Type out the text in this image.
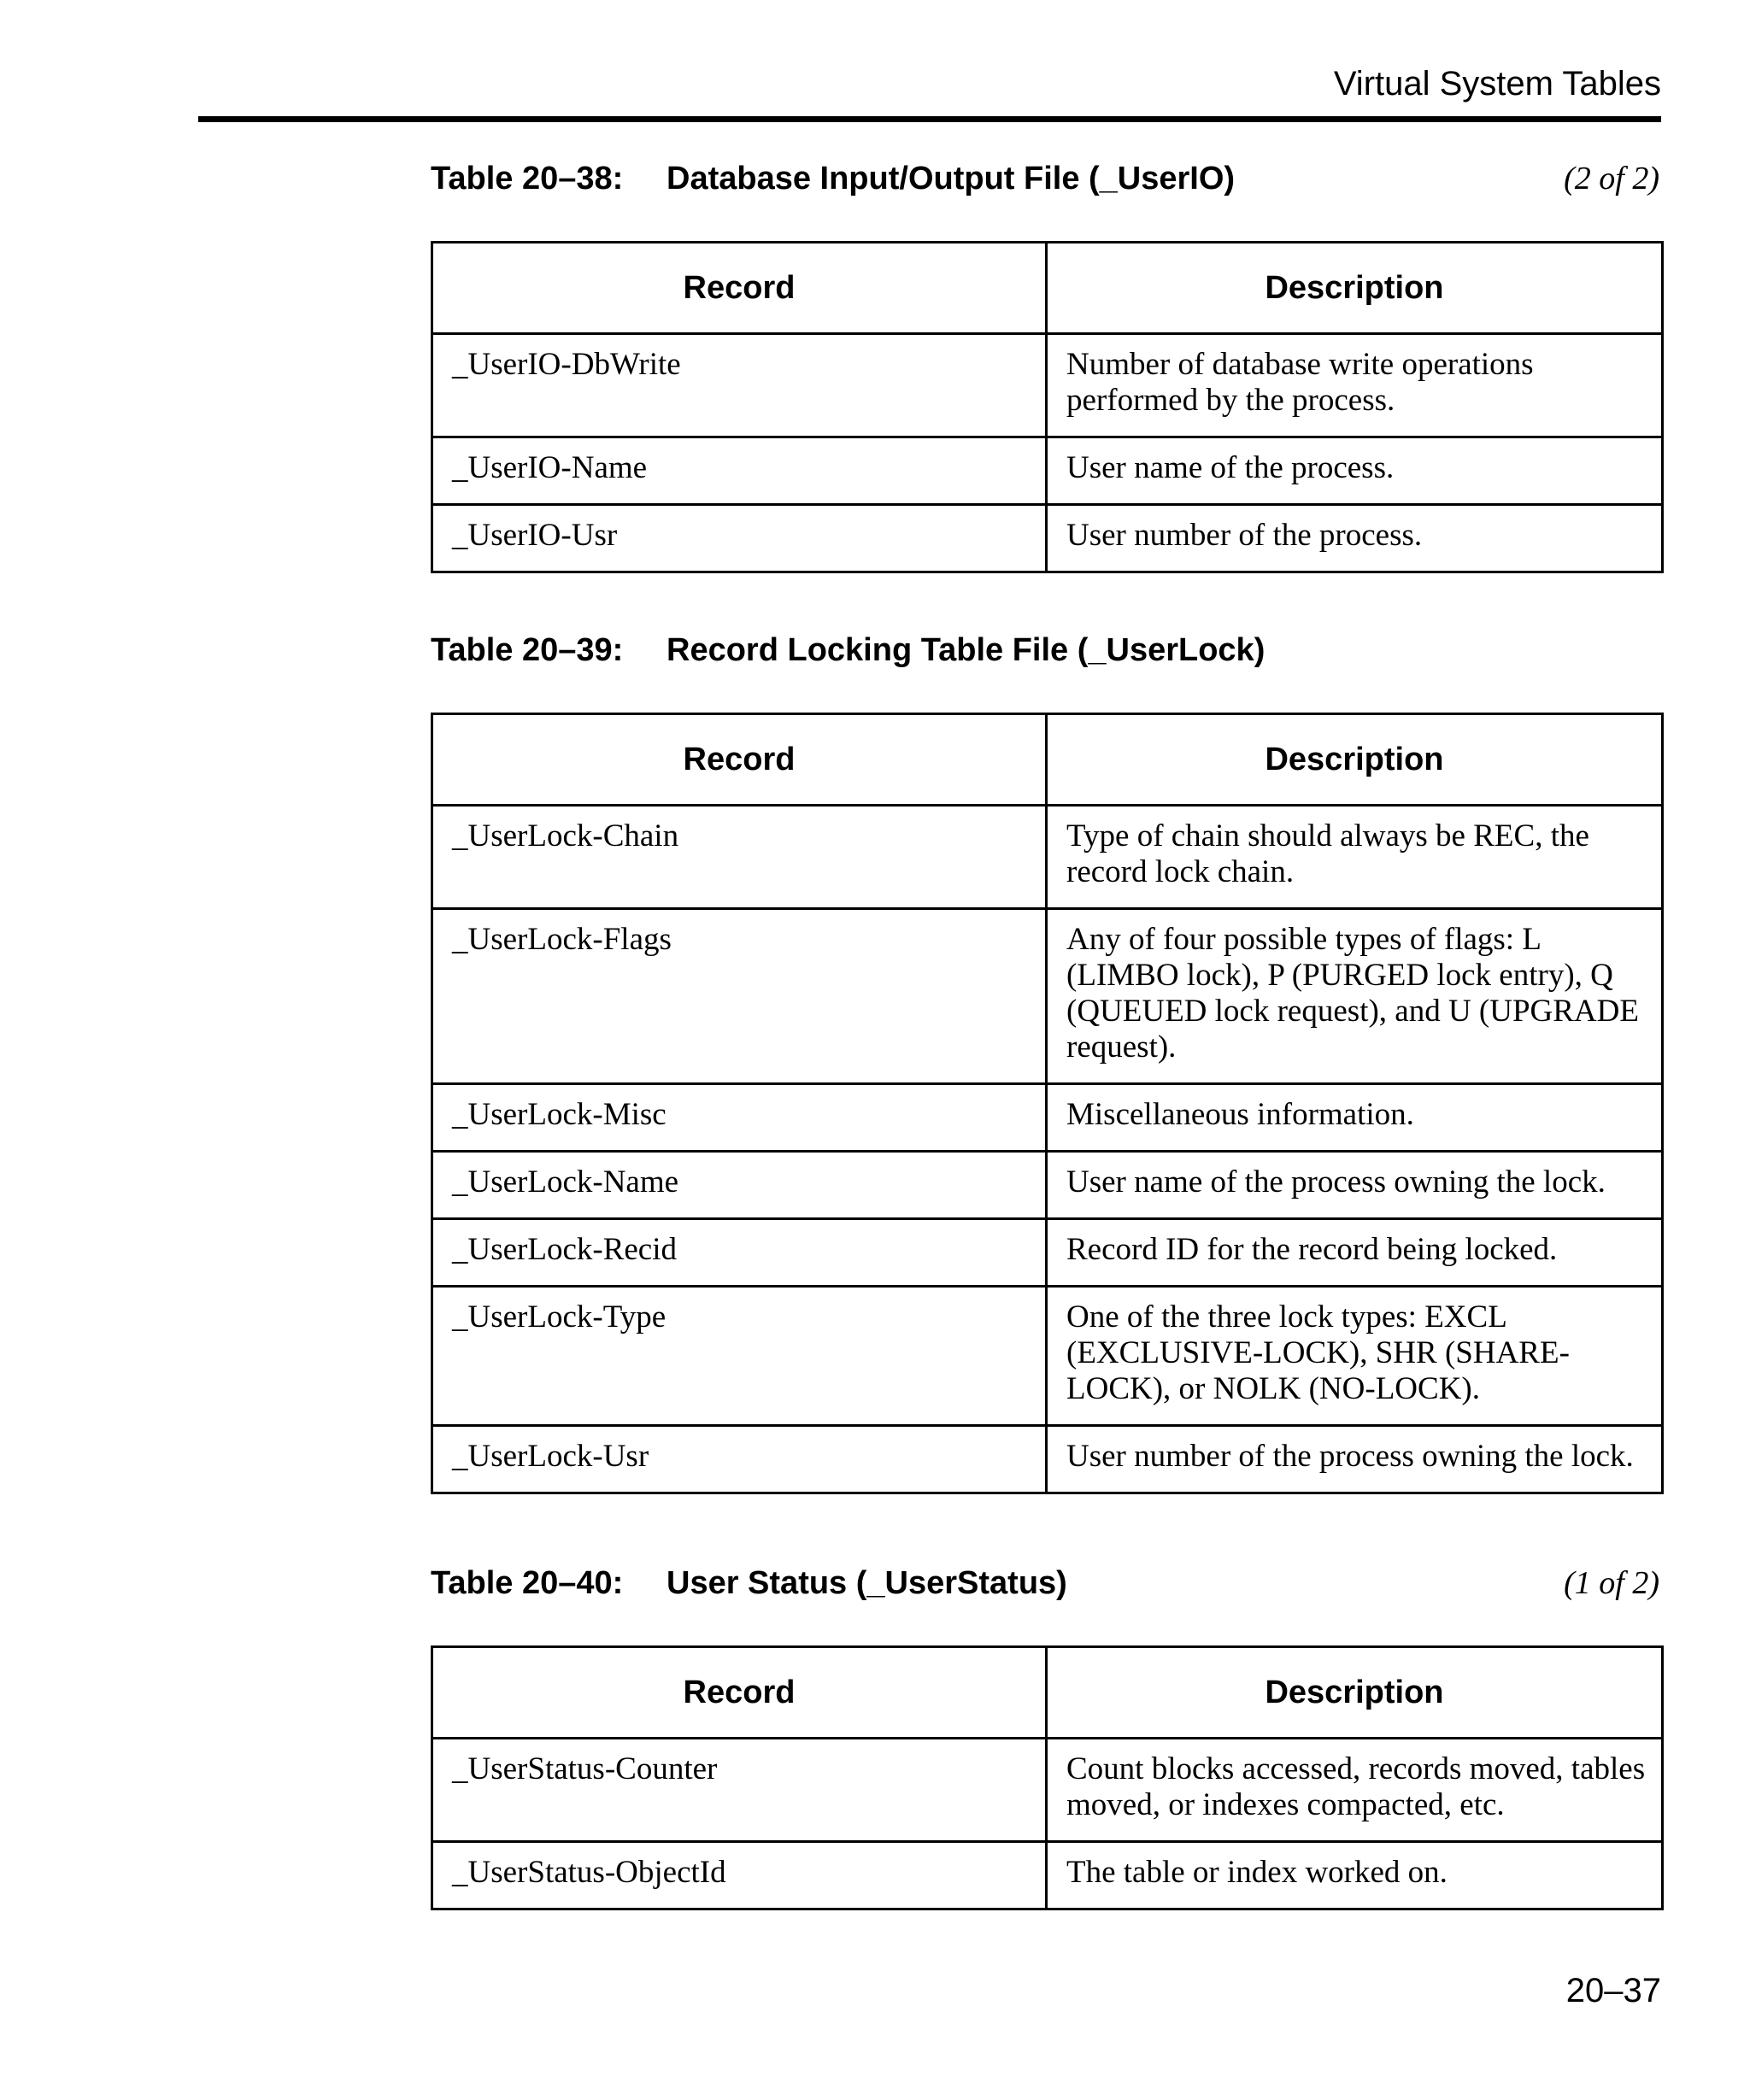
Virtual System Tables
Table 20–38: Database Input/Output File (_UserIO)	(2 of 2)
Record	Description
_UserIO-DbWrite	Number of database write operations performed by the process.
_UserIO-Name	User name of the process.
_UserIO-Usr	User number of the process.
Table 20–39: Record Locking Table File (_UserLock)
Record	Description
_UserLock-Chain	Type of chain should always be REC, the record lock chain.
_UserLock-Flags	Any of four possible types of flags: L (LIMBO lock), P (PURGED lock entry), Q (QUEUED lock request), and U (UPGRADE request).
_UserLock-Misc	Miscellaneous information.
_UserLock-Name	User name of the process owning the lock.
_UserLock-Recid	Record ID for the record being locked.
_UserLock-Type	One of the three lock types: EXCL (EXCLUSIVE-LOCK), SHR (SHARE-LOCK), or NOLK (NO-LOCK).
_UserLock-Usr	User number of the process owning the lock.
Table 20–40: User Status (_UserStatus)	(1 of 2)
Record	Description
_UserStatus-Counter	Count blocks accessed, records moved, tables moved, or indexes compacted, etc.
_UserStatus-ObjectId	The table or index worked on.
20–37
